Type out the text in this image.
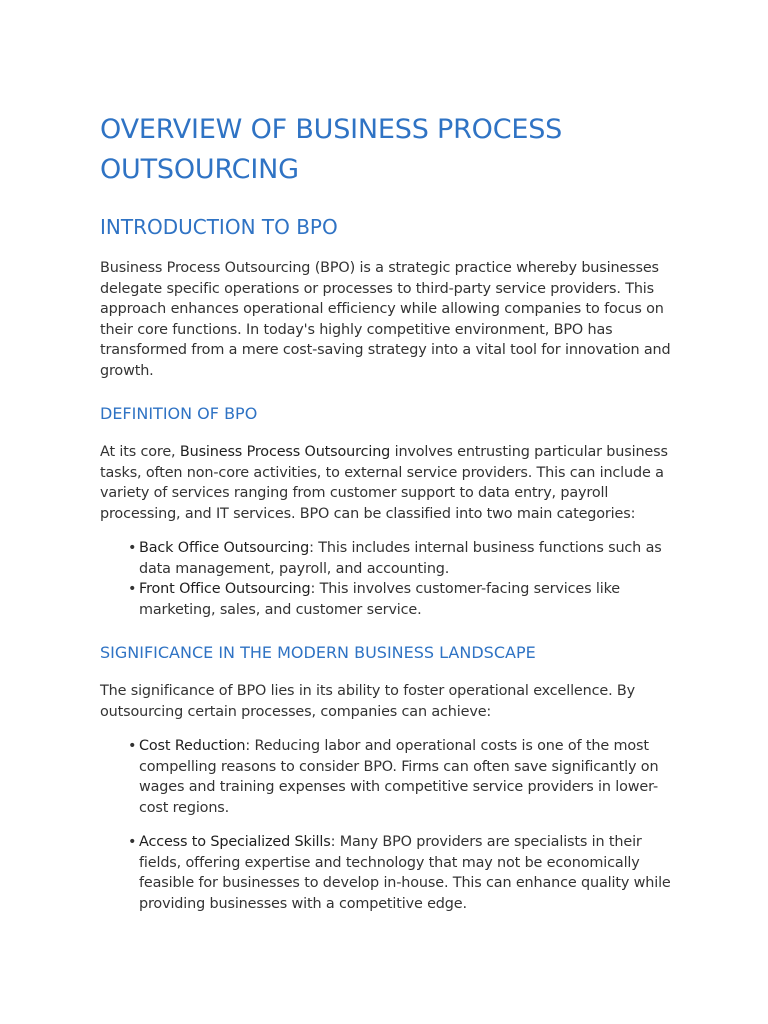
OVERVIEW OF BUSINESS PROCESS OUTSOURCING
INTRODUCTION TO BPO

Business Process Outsourcing (BPO) is a strategic practice whereby businesses delegate specific operations or processes to third-party service providers. This approach enhances operational efficiency while allowing companies to focus on their core functions. In today's highly competitive environment, BPO has transformed from a mere cost-saving strategy into a vital tool for innovation and growth.

DEFINITION OF BPO

At its core, Business Process Outsourcing involves entrusting particular business tasks, often non-core activities, to external service providers. This can include a variety of services ranging from customer support to data entry, payroll processing, and IT services. BPO can be classified into two main categories:

• Back Office Outsourcing: This includes internal business functions such as data management, payroll, and accounting.
• Front Office Outsourcing: This involves customer-facing services like marketing, sales, and customer service.
SIGNIFICANCE IN THE MODERN BUSINESS LANDSCAPE

The significance of BPO lies in its ability to foster operational excellence. By outsourcing certain processes, companies can achieve:

• Cost Reduction: Reducing labor and operational costs is one of the most compelling reasons to consider BPO. Firms can often save significantly on wages and training expenses with competitive service providers in lower-cost regions.
• Access to Specialized Skills: Many BPO providers are specialists in their fields, offering expertise and technology that may not be economically feasible for businesses to develop in-house. This can enhance quality while providing businesses with a competitive edge.
